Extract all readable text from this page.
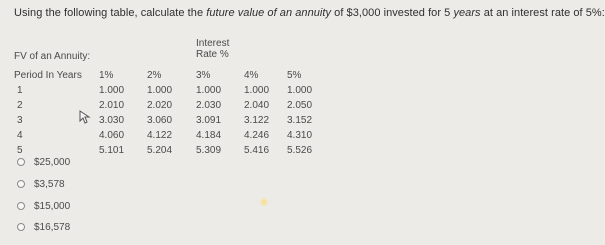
Using the following table, calculate the future value of an annuity of $3,000 invested for 5 years at an interest rate of 5%:
FV of an Annuity:
Interest
Rate %
Period In Years 1%	2%	3%	4%	5%
1	1.000 1.000 1.000 1.000 1.000
2	2.010 2.020 2.030 2.040 2.050
3	3.030 3.060 3.091 3.122 3.152
4	4.060 4.122 4.184 4.246 4.310
5	5.101 5.204 5.309 5.416 5.526
$25,000
$3,578
$15,000
$16,578
